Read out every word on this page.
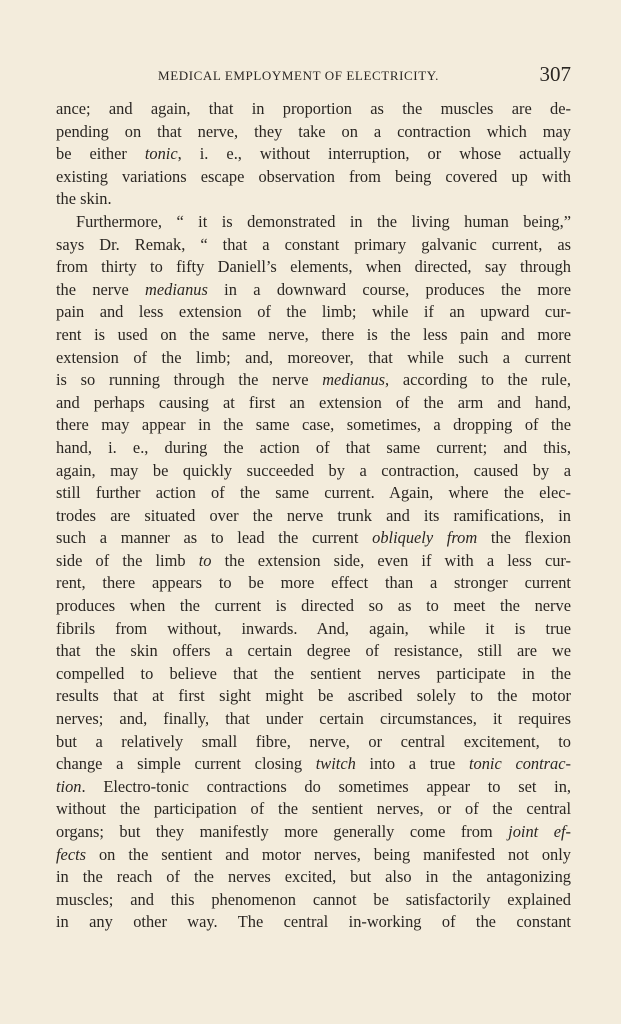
MEDICAL EMPLOYMENT OF ELECTRICITY.	307

ance; and again, that in proportion as the muscles are de-
pending on that nerve, they take on a contraction which may
be either tonic, i. e., without interruption, or whose actually
existing variations escape observation from being covered up with
the skin.

Furthermore, “ it is demonstrated in the living human being,”
says Dr. Remak, “ that a constant primary galvanic current, as
from thirty to fifty Daniell’s elements, when directed, say through
the nerve medianus in a downward course, produces the more
pain and less extension of the limb; while if an upward cur-
rent is used on the same nerve, there is the less pain and more
extension of the limb; and, moreover, that while such a current
is so running through the nerve medianus, according to the rule,
and perhaps causing at first an extension of the arm and hand,
there may appear in the same case, sometimes, a dropping of the
hand, i. e., during the action of that same current; and this,
again, may be quickly succeeded by a contraction, caused by a
still further action of the same current. Again, where the elec-
trodes are situated over the nerve trunk and its ramifications, in
such a manner as to lead the current obliquely from the flexion
side of the limb to the extension side, even if with a less cur-
rent, there appears to be more effect than a stronger current
produces when the current is directed so as to meet the nerve
fibrils from without, inwards. And, again, while it is true
that the skin offers a certain degree of resistance, still are we
compelled to believe that the sentient nerves participate in the
results that at first sight might be ascribed solely to the motor
nerves; and, finally, that under certain circumstances, it requires
but a relatively small fibre, nerve, or central excitement, to
change a simple current closing twitch into a true tonic contrac-
tion. Electro-tonic contractions do sometimes appear to set in,
without the participation of the sentient nerves, or of the central
organs; but they manifestly more generally come from joint ef-
fects on the sentient and motor nerves, being manifested not only
in the reach of the nerves excited, but also in the antagonizing
muscles; and this phenomenon cannot be satisfactorily explained
in any other way. The central in-working of the constant
